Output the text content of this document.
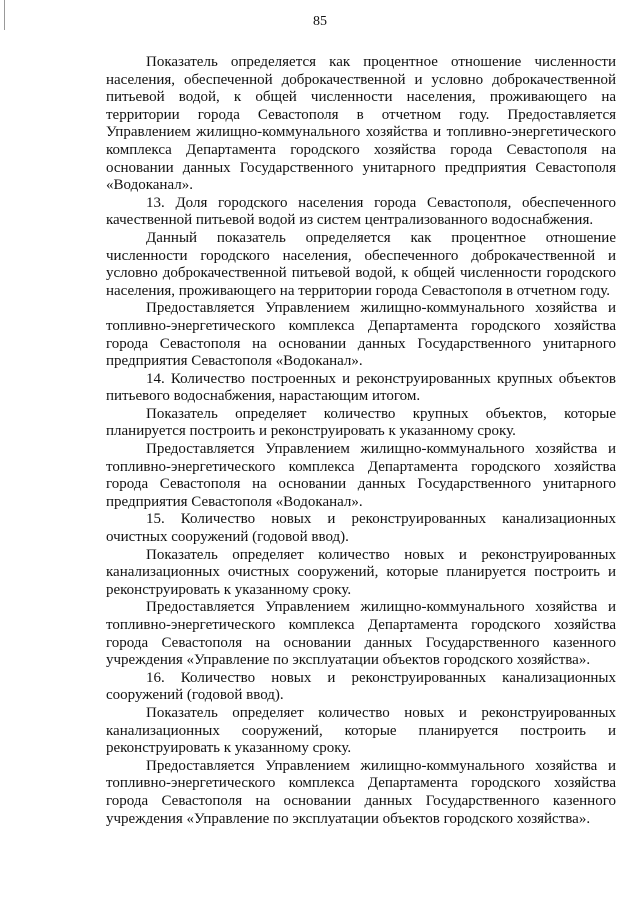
85

Показатель определяется как процентное отношение численности населения, обеспеченной доброкачественной и условно доброкачественной питьевой водой, к общей численности населения, проживающего на территории города Севастополя в отчетном году. Предоставляется Управлением жилищно-коммунального хозяйства и топливно-энергетического комплекса Департамента городского хозяйства города Севастополя на основании данных Государственного унитарного предприятия Севастополя «Водоканал».

13. Доля городского населения города Севастополя, обеспеченного качественной питьевой водой из систем централизованного водоснабжения.

Данный показатель определяется как процентное отношение численности городского населения, обеспеченного доброкачественной и условно доброкачественной питьевой водой, к общей численности городского населения, проживающего на территории города Севастополя в отчетном году.

Предоставляется Управлением жилищно-коммунального хозяйства и топливно-энергетического комплекса Департамента городского хозяйства города Севастополя на основании данных Государственного унитарного предприятия Севастополя «Водоканал».

14. Количество построенных и реконструированных крупных объектов питьевого водоснабжения, нарастающим итогом.

Показатель определяет количество крупных объектов, которые планируется построить и реконструировать к указанному сроку.

Предоставляется Управлением жилищно-коммунального хозяйства и топливно-энергетического комплекса Департамента городского хозяйства города Севастополя на основании данных Государственного унитарного предприятия Севастополя «Водоканал».

15. Количество новых и реконструированных канализационных очистных сооружений (годовой ввод).

Показатель определяет количество новых и реконструированных канализационных очистных сооружений, которые планируется построить и реконструировать к указанному сроку.

Предоставляется Управлением жилищно-коммунального хозяйства и топливно-энергетического комплекса Департамента городского хозяйства города Севастополя на основании данных Государственного казенного учреждения «Управление по эксплуатации объектов городского хозяйства».

16. Количество новых и реконструированных канализационных сооружений (годовой ввод).

Показатель определяет количество новых и реконструированных канализационных сооружений, которые планируется построить и реконструировать к указанному сроку.

Предоставляется Управлением жилищно-коммунального хозяйства и топливно-энергетического комплекса Департамента городского хозяйства города Севастополя на основании данных Государственного казенного учреждения «Управление по эксплуатации объектов городского хозяйства».
